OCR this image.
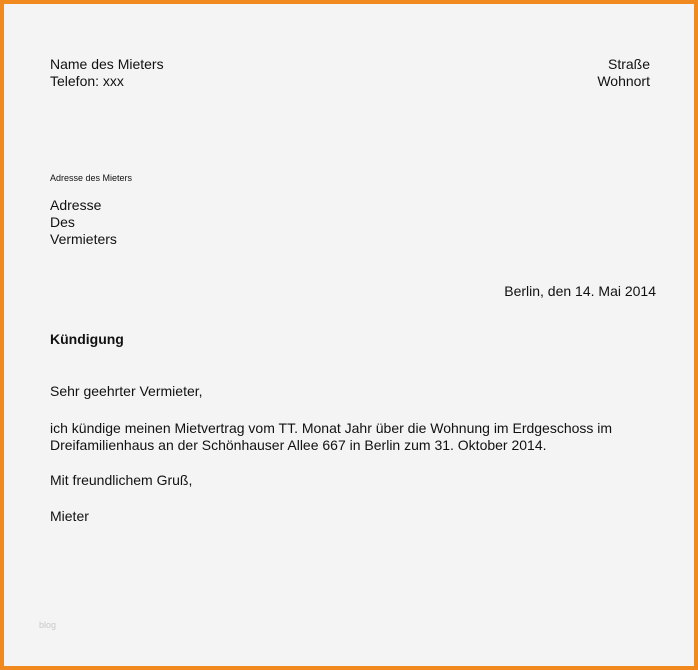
Name des Mieters
Telefon: xxx
Straße
Wohnort
Adresse des Mieters
Adresse
Des
Vermieters
Berlin, den 14. Mai 2014
Kündigung
Sehr geehrter Vermieter,
ich kündige meinen Mietvertrag vom TT. Monat Jahr über die Wohnung im Erdgeschoss im
Dreifamilienhaus an der Schönhauser Allee 667 in Berlin zum 31. Oktober 2014.
Mit freundlichem Gruß,
Mieter
blog
